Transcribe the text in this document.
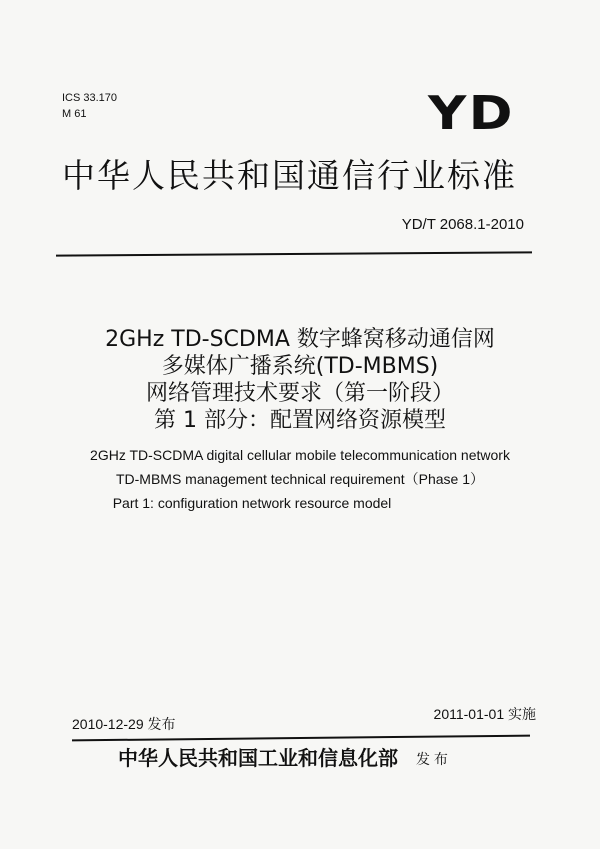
ICS 33.170
M 61	YD
中华人民共和国通信行业标准
YD/T 2068.1-2010
2GHz TD-SCDMA 数字蜂窝移动通信网
多媒体广播系统(TD-MBMS)
网络管理技术要求（第一阶段）
第 1 部分：配置网络资源模型
2GHz TD-SCDMA digital cellular mobile telecommunication network
TD-MBMS management technical requirement（Phase 1）
Part 1: configuration network resource model
2010-12-29 发布
2011-01-01 实施
中华人民共和国工业和信息化部 发 布
